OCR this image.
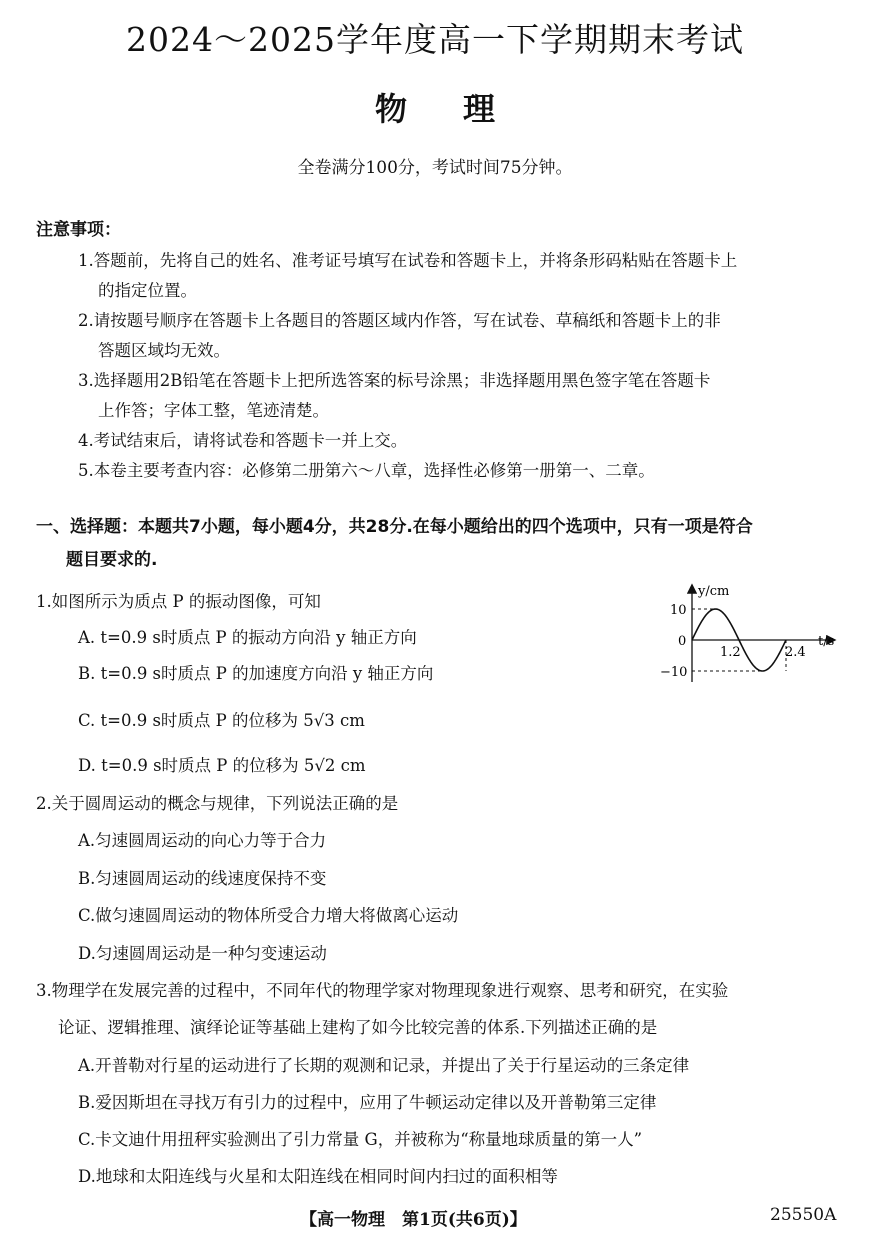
2024～2025学年度高一下学期期末考试
物理
全卷满分100分，考试时间75分钟。
注意事项：
1.答题前，先将自己的姓名、准考证号填写在试卷和答题卡上，并将条形码粘贴在答题卡上
的指定位置。
2.请按题号顺序在答题卡上各题目的答题区域内作答，写在试卷、草稿纸和答题卡上的非
答题区域均无效。
3.选择题用2B铅笔在答题卡上把所选答案的标号涂黑；非选择题用黑色签字笔在答题卡
上作答；字体工整，笔迹清楚。
4.考试结束后，请将试卷和答题卡一并上交。
5.本卷主要考查内容：必修第二册第六～八章，选择性必修第一册第一、二章。
一、选择题：本题共7小题，每小题4分，共28分.在每小题给出的四个选项中，只有一项是符合
题目要求的.
1.如图所示为质点 P 的振动图像，可知
A. t=0.9 s时质点 P 的振动方向沿 y 轴正方向
B. t=0.9 s时质点 P 的加速度方向沿 y 轴正方向
C. t=0.9 s时质点 P 的位移为 5√3 cm
D. t=0.9 s时质点 P 的位移为 5√2 cm
y/cm
t/s
10
0
−10
1.2	2.4
2.关于圆周运动的概念与规律，下列说法正确的是
A.匀速圆周运动的向心力等于合力
B.匀速圆周运动的线速度保持不变
C.做匀速圆周运动的物体所受合力增大将做离心运动
D.匀速圆周运动是一种匀变速运动
3.物理学在发展完善的过程中，不同年代的物理学家对物理现象进行观察、思考和研究，在实验
论证、逻辑推理、演绎论证等基础上建构了如今比较完善的体系.下列描述正确的是
A.开普勒对行星的运动进行了长期的观测和记录，并提出了关于行星运动的三条定律
B.爱因斯坦在寻找万有引力的过程中，应用了牛顿运动定律以及开普勒第三定律
C.卡文迪什用扭秤实验测出了引力常量 G，并被称为“称量地球质量的第一人”
D.地球和太阳连线与火星和太阳连线在相同时间内扫过的面积相等
【高一物理　第1页(共6页)】	25550A
